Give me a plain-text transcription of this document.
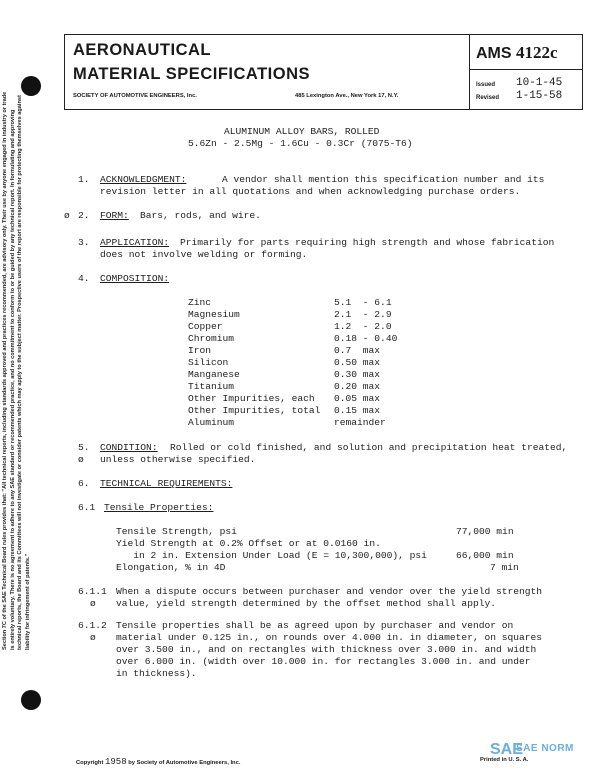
Section 7C of the SAE Technical Board rules provides that: "All technical reports, including standards approved and practices recommended, are advisory only. Their use by anyone engaged in industry or trade is entirely voluntary. There is no agreement to adhere to any SAE standard or recommended practice, and no commitment to conform to or be guided by any technical report. In formulating and approving technical reports, the Board and its Committees will not investigate or consider patents which may apply to the subject matter. Prospective users of the report are responsible for protecting themselves against liability for infringement of patents."
AERONAUTICAL
MATERIAL SPECIFICATIONS
SOCIETY OF AUTOMOTIVE ENGINEERS, Inc.	485 Lexington Ave., New York 17, N.Y.
AMS 4122c
Issued 10-1-45
Revised 1-15-58
ALUMINUM ALLOY BARS, ROLLED
5.6Zn - 2.5Mg - 1.6Cu - 0.3Cr (7075-T6)
1. ACKNOWLEDGMENT:	A vendor shall mention this specification number and its
revision letter in all quotations and when acknowledging purchase orders.
ø 2. FORM: Bars, rods, and wire.
3. APPLICATION: Primarily for parts requiring high strength and whose fabrication
does not involve welding or forming.
4. COMPOSITION:
Zinc	5.1  - 6.1
Magnesium	2.1  - 2.9
Copper	1.2  - 2.0
Chromium	0.18 - 0.40
Iron	0.7  max
Silicon	0.50 max
Manganese	0.30 max
Titanium	0.20 max
Other Impurities, each 0.05 max
Other Impurities, total 0.15 max
Aluminum	remainder
5.
ø
CONDITION: Rolled or cold finished, and solution and precipitation heat treated,
unless otherwise specified.
6. TECHNICAL REQUIREMENTS:
6.1 Tensile Properties:
Tensile Strength, psi	77,000 min
Yield Strength at 0.2% Offset or at 0.0160 in.
in 2 in. Extension Under Load (E = 10,300,000), psi	66,000 min
Elongation, % in 4D	7 min
6.1.1
ø
When a dispute occurs between purchaser and vendor over the yield strength
value, yield strength determined by the offset method shall apply.
6.1.2
ø
Tensile properties shall be as agreed upon by purchaser and vendor on
material under 0.125 in., on rounds over 4.000 in. in diameter, on squares
over 3.500 in., and on rectangles with thickness over 3.000 in. and width
over 6.000 in. (width over 10.000 in. for rectangles 3.000 in. and under
in thickness).
Copyright 1958 by Society of Automotive Engineers, Inc.	Printed in U. S. A.
SAE
SAE NORM
